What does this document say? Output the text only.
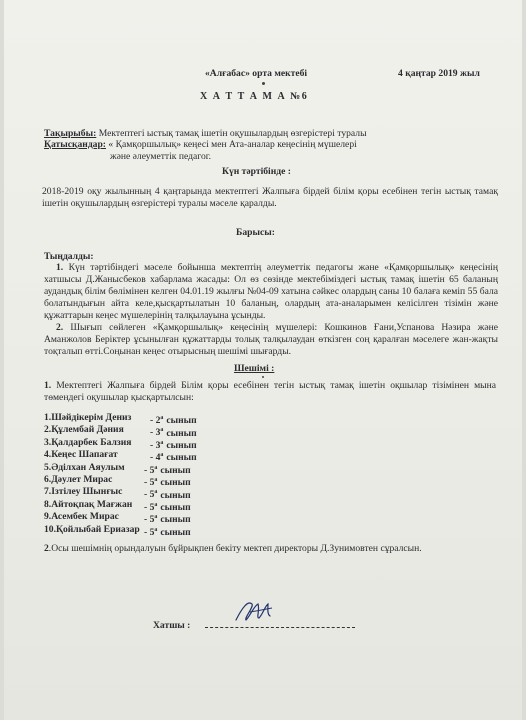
«Алғабас» орта мектебі	4 қаңтар 2019 жыл
Х А Т Т А М А №6
Тақырыбы: Мектептегі ыстық тамақ ішетін оқушылардың өзгерістері туралы
Қатысқандар: « Қамқоршылық» кеңесі мен Ата-аналар кеңесінің мүшелері
және әлеуметтік педагог.
Күн тәртібінде :
2018-2019 оқу жылынның 4 қаңтарында мектептегі Жалпыға бірдей білім қоры есебінен тегін ыстық тамақ ішетін оқушылардың өзгерістері туралы мәселе қаралды.
Барысы:
Тыңдалды:
1. Күн тәртібіндегі мәселе бойынша мектептің әлеуметтік педагогы және «Қамқоршылық» кеңесінің хатшысы Д.Жанысбеков хабарлама жасады: Ол өз сөзінде мектебіміздегі ыстық тамақ ішетін 65 баланың аудандық білім бөлімінен келген 04.01.19 жылғы №04-09 хатына сәйкес олардың саны 10 балаға кеміп 55 бала болатындығын айта келе,қысқартылатын 10 баланың, олардың ата-аналарымен келісілген тізімін және құжаттарын кеңес мүшелерінің талқылауына ұсынды.
2. Шығып сөйлеген «Қамқоршылық» кеңесінің мүшелері: Кошкинов Ғани,Успанова Нәзира және Аманжолов Берiктер ұсынылған құжаттарды толық талқылаудан өткізген соң қаралған мәселеге жан-жақты тоқталып өтті.Соңынан кеңес отырысның шешімі шығарды.
Шешімі :
1. Мектептегі Жалпыға бірдей Білім қоры есебінен тегін ыстық тамақ ішетін оқшылар тізімінен мына төмендегі оқушылар қысқартылсын:
1.Шәйдікерім Дениз - $2^а$ сынып
2.Құлембай Дәния	- $3^а$ сынып
3.Қалдарбек Балзия - $3^а$ сынып
4.Кеңес Шапағат	- $4^а$ сынып
5.Әділхан Аяулым - $5^а$ сынып
6.Дәулет Мирас	- $5^а$ сынып
7.Ізтілеу Шынғыс - $5^а$ сынып
8.Айтоқпақ Мағжан - $5^а$ сынып
9.Асембек Мирас	- $5^а$ сынып
10.Қойлыбай Ериазар - $5^а$ сынып
2.Осы шешімнің орындалуын бұйрықпен бекіту мектеп директоры Д.Зунимовтен сұралсын.
Хатшы :
